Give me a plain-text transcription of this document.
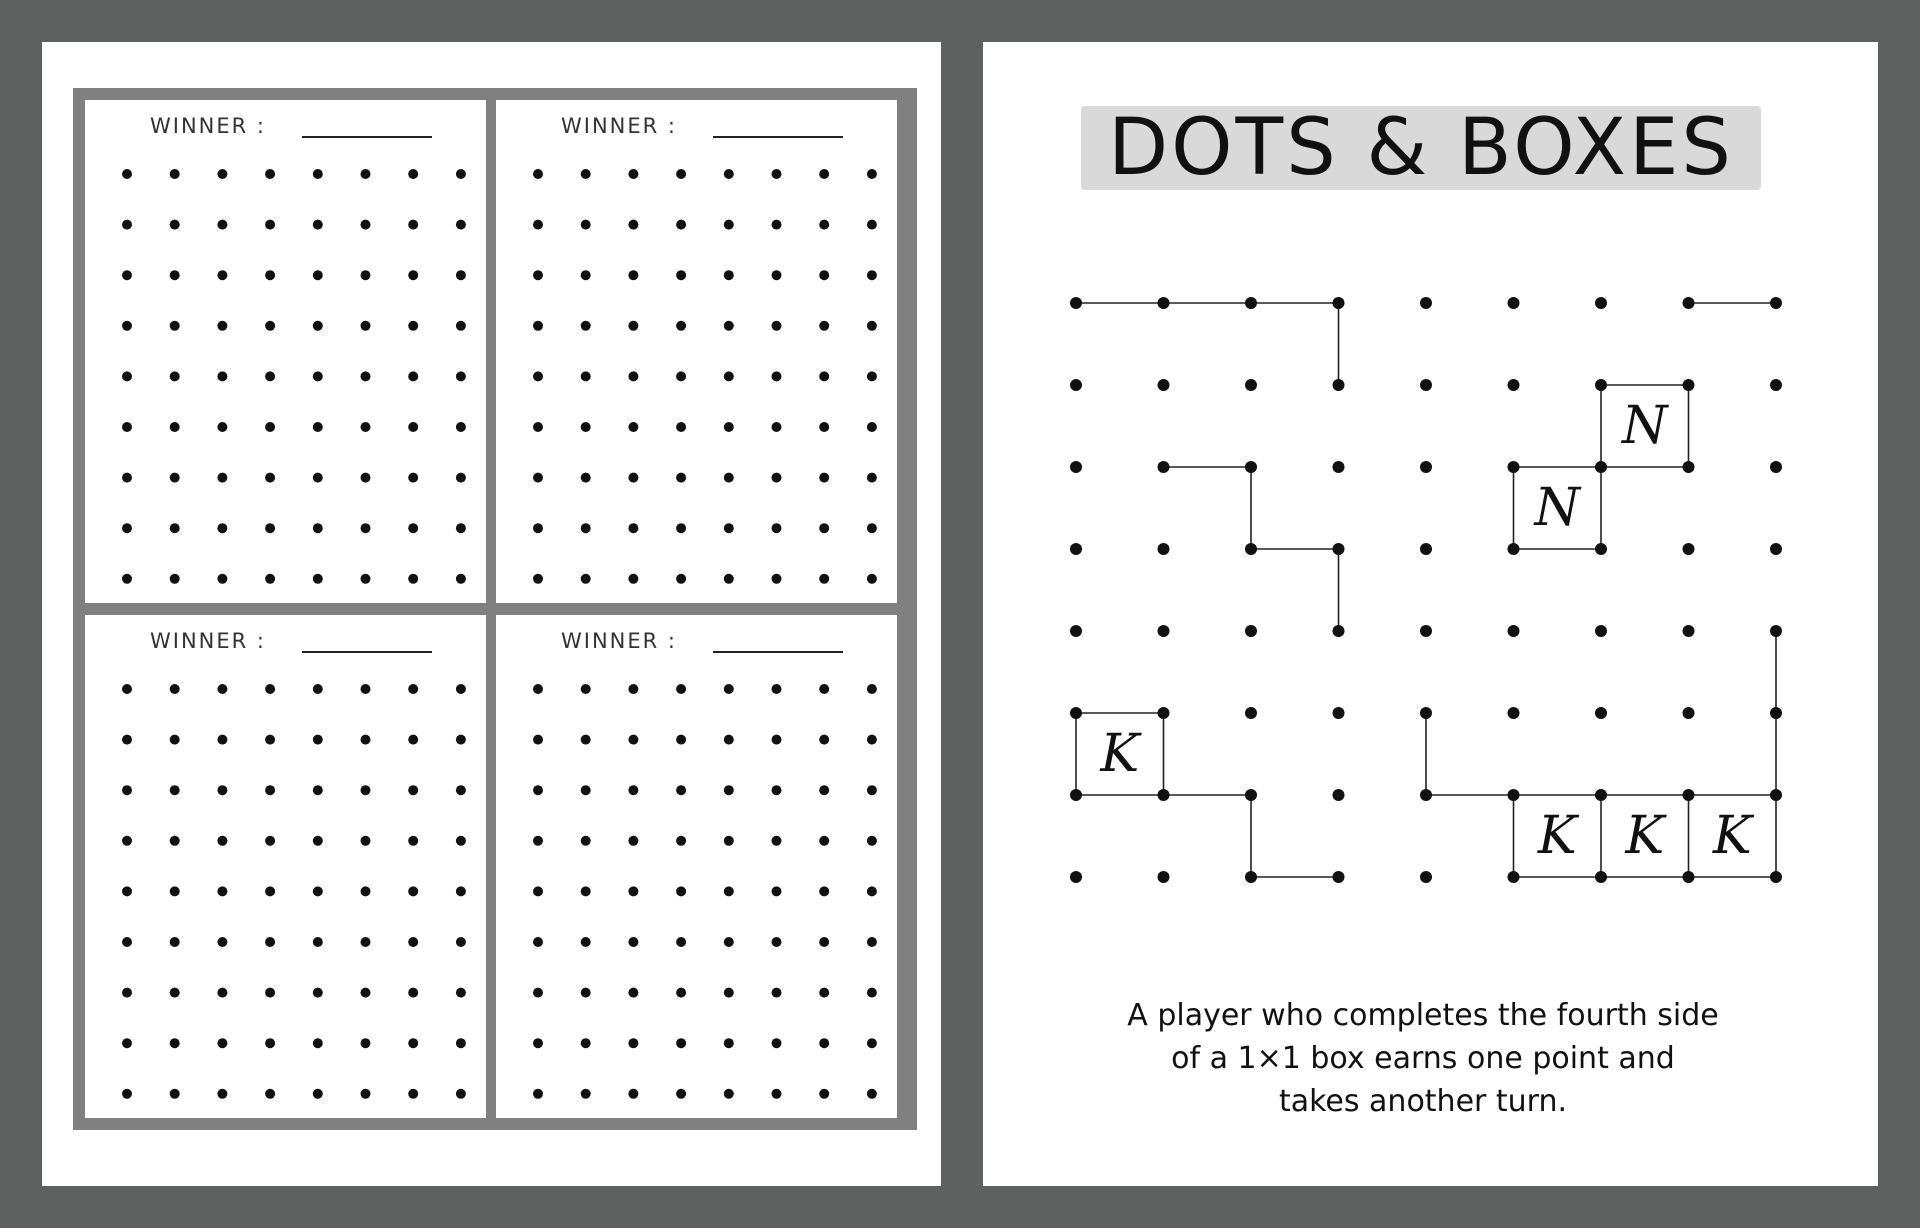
WINNER :	WINNER :
WINNER :	WINNER :
DOTS & BOXES
N
N
K
K K K
A player who completes the fourth side
of a 1×1 box earns one point and
takes another turn.
